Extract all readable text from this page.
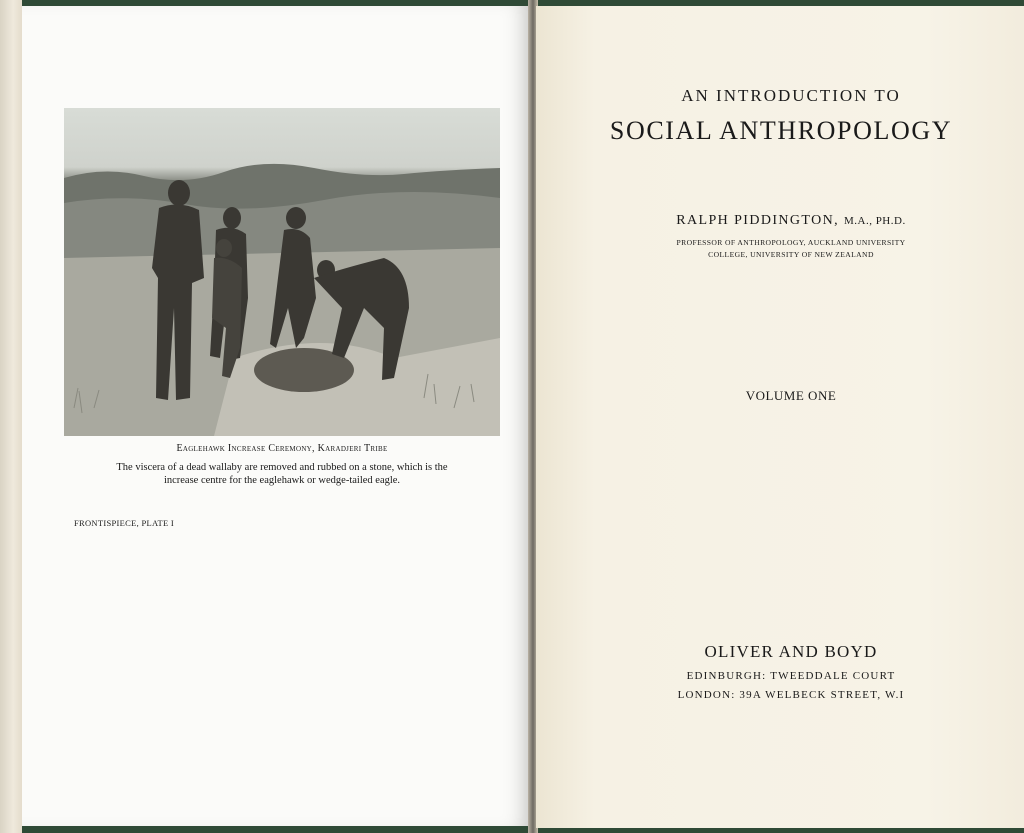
Eaglehawk Increase Ceremony, Karadjeri Tribe
The viscera of a dead wallaby are removed and rubbed on a stone, which is the
increase centre for the eaglehawk or wedge-tailed eagle.
FRONTISPIECE, PLATE I
AN INTRODUCTION TO
SOCIAL ANTHROPOLOGY
RALPH PIDDINGTON, M.A., PH.D.
PROFESSOR OF ANTHROPOLOGY, AUCKLAND UNIVERSITY
COLLEGE, UNIVERSITY OF NEW ZEALAND
VOLUME ONE
OLIVER AND BOYD
EDINBURGH: TWEEDDALE COURT
LONDON: 39A WELBECK STREET, W.I
